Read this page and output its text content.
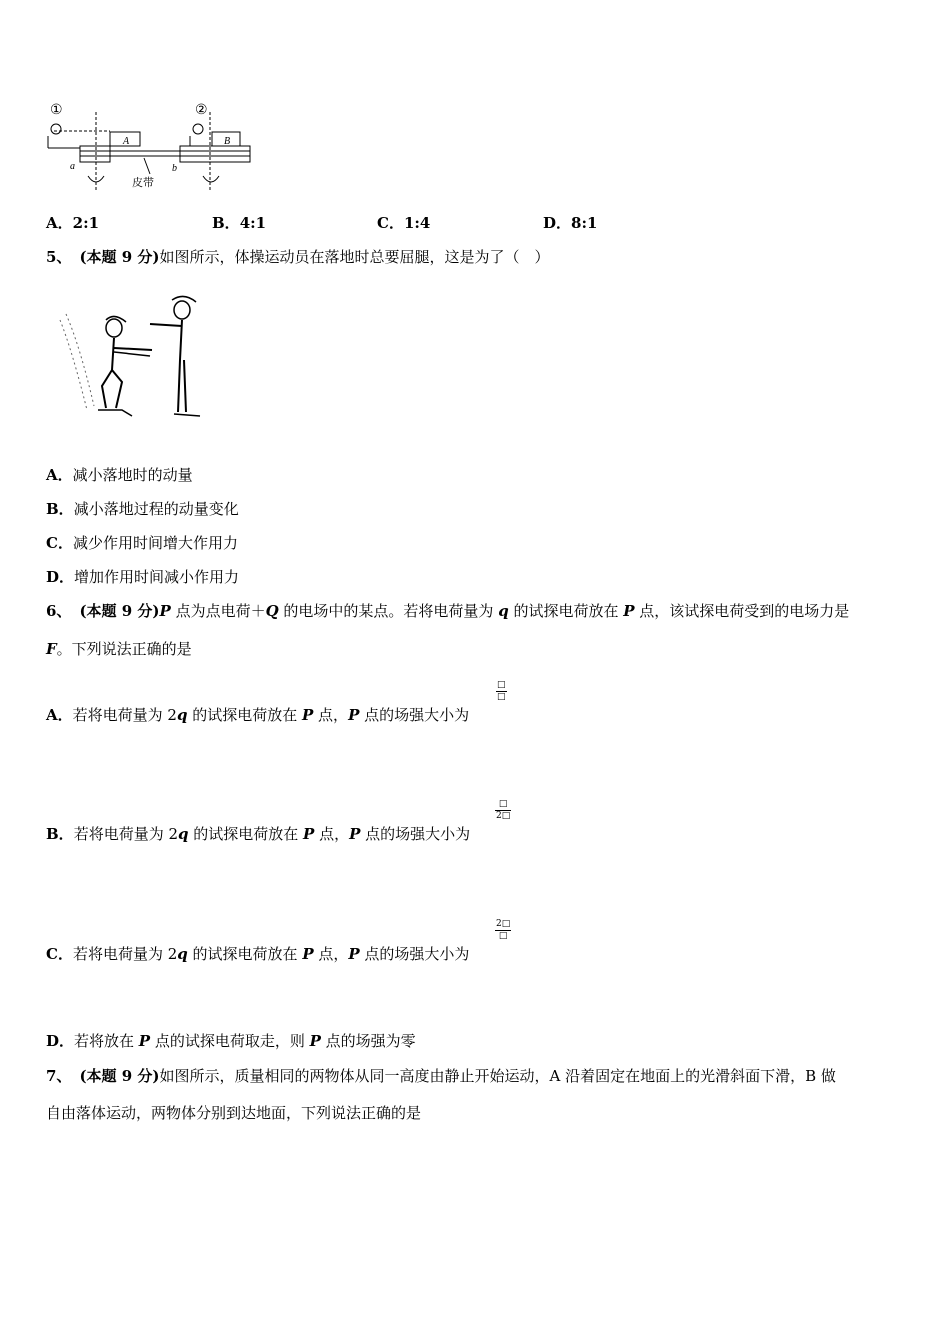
①	②
A
a	b
皮带
B
A．2:1	B．4:1	C．1:4	D．8:1
5、 (本题 9 分)如图所示，体操运动员在落地时总要屈腿，这是为了（　）
A．减小落地时的动量
B．减小落地过程的动量变化
C．减少作用时间增大作用力
D．增加作用时间减小作用力
6、 (本题 9 分)P 点为点电荷＋Q 的电场中的某点。若将电荷量为 q 的试探电荷放在 P 点，该试探电荷受到的电场力是
F。下列说法正确的是
A．若将电荷量为 2q 的试探电荷放在 P 点，P 点的场强大小为
□
□
B．若将电荷量为 2q 的试探电荷放在 P 点，P 点的场强大小为
□
2□
C．若将电荷量为 2q 的试探电荷放在 P 点，P 点的场强大小为
2□
□
D．若将放在 P 点的试探电荷取走，则 P 点的场强为零
7、 (本题 9 分)如图所示，质量相同的两物体从同一高度由静止开始运动，A 沿着固定在地面上的光滑斜面下滑，B 做
自由落体运动，两物体分别到达地面，下列说法正确的是
